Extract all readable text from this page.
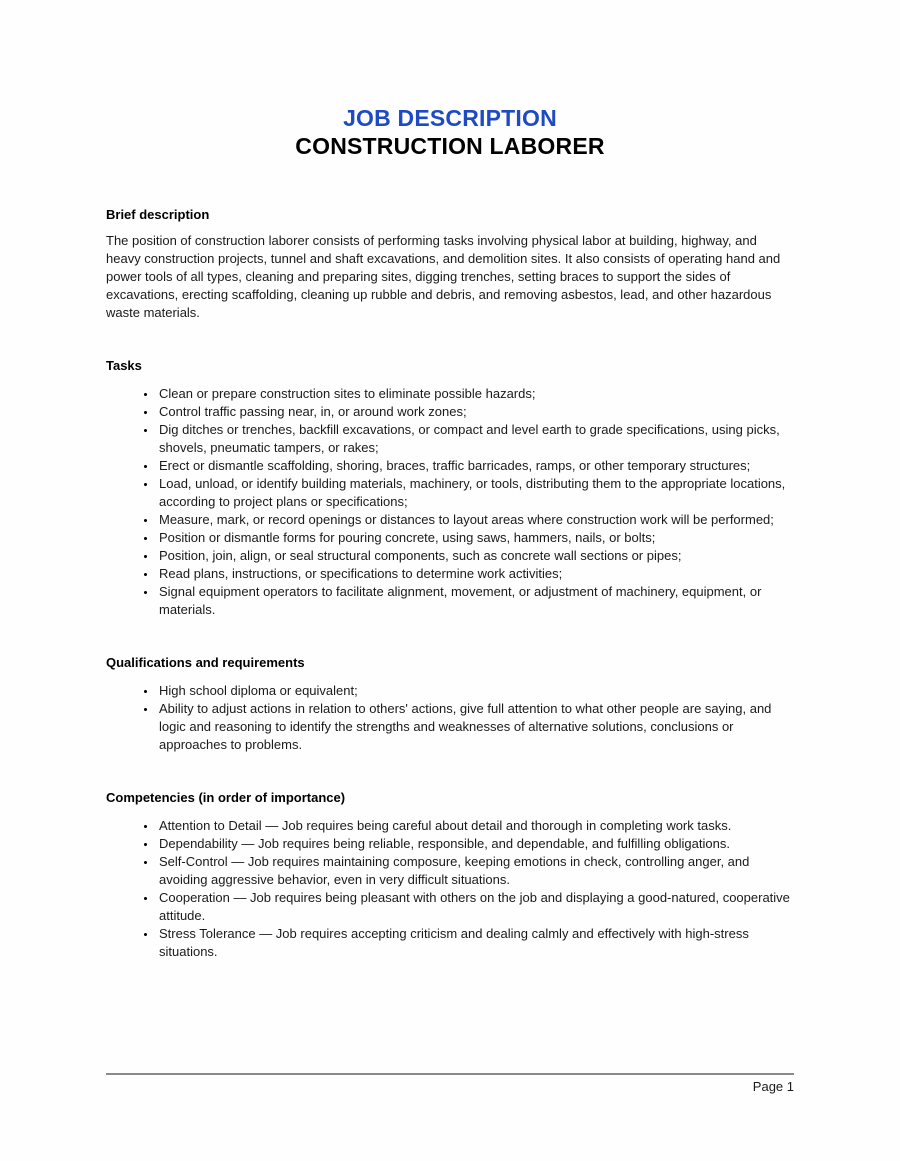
JOB DESCRIPTION
CONSTRUCTION LABORER
Brief description

The position of construction laborer consists of performing tasks involving physical labor at building, highway, and heavy construction projects, tunnel and shaft excavations, and demolition sites. It also consists of operating hand and power tools of all types, cleaning and preparing sites, digging trenches, setting braces to support the sides of excavations, erecting scaffolding, cleaning up rubble and debris, and removing asbestos, lead, and other hazardous waste materials.

Tasks
• Clean or prepare construction sites to eliminate possible hazards;
• Control traffic passing near, in, or around work zones;
• Dig ditches or trenches, backfill excavations, or compact and level earth to grade specifications, using picks, shovels, pneumatic tampers, or rakes;
• Erect or dismantle scaffolding, shoring, braces, traffic barricades, ramps, or other temporary structures;
• Load, unload, or identify building materials, machinery, or tools, distributing them to the appropriate locations, according to project plans or specifications;
• Measure, mark, or record openings or distances to layout areas where construction work will be performed;
• Position or dismantle forms for pouring concrete, using saws, hammers, nails, or bolts;
• Position, join, align, or seal structural components, such as concrete wall sections or pipes;
• Read plans, instructions, or specifications to determine work activities;
• Signal equipment operators to facilitate alignment, movement, or adjustment of machinery, equipment, or materials.
Qualifications and requirements
• High school diploma or equivalent;
• Ability to adjust actions in relation to others' actions, give full attention to what other people are saying, and logic and reasoning to identify the strengths and weaknesses of alternative solutions, conclusions or approaches to problems.
Competencies (in order of importance)
• Attention to Detail — Job requires being careful about detail and thorough in completing work tasks.
• Dependability — Job requires being reliable, responsible, and dependable, and fulfilling obligations.
• Self-Control — Job requires maintaining composure, keeping emotions in check, controlling anger, and avoiding aggressive behavior, even in very difficult situations.
• Cooperation — Job requires being pleasant with others on the job and displaying a good-natured, cooperative attitude.
• Stress Tolerance — Job requires accepting criticism and dealing calmly and effectively with high-stress situations.
Page 1
